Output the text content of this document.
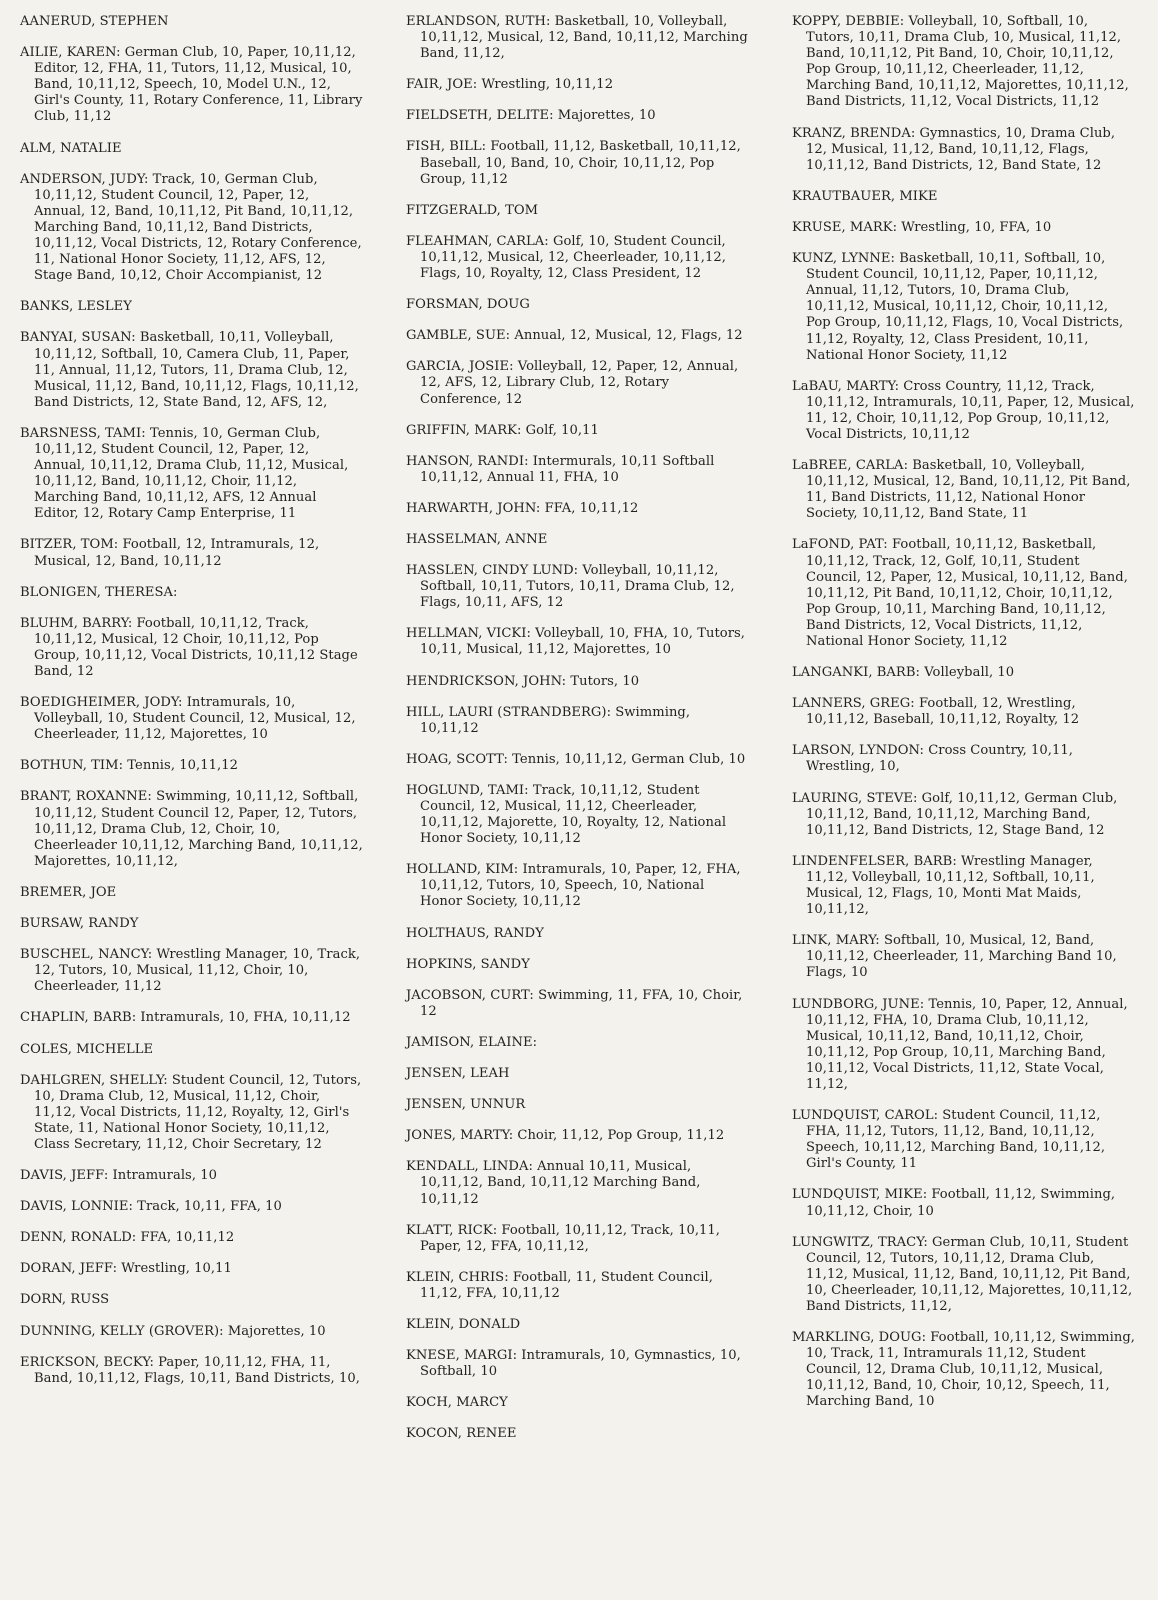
AANERUD, STEPHEN
AILIE, KAREN: German Club, 10, Paper, 10,11,12, Editor, 12, FHA, 11, Tutors, 11,12, Musical, 10, Band, 10,11,12, Speech, 10, Model U.N., 12, Girl's County, 11, Rotary Conference, 11, Library Club, 11,12
ALM, NATALIE
ANDERSON, JUDY: Track, 10, German Club, 10,11,12, Student Council, 12, Paper, 12, Annual, 12, Band, 10,11,12, Pit Band, 10,11,12, Marching Band, 10,11,12, Band Districts, 10,11,12, Vocal Districts, 12, Rotary Conference, 11, National Honor Society, 11,12, AFS, 12, Stage Band, 10,12, Choir Accompianist, 12
BANKS, LESLEY
BANYAI, SUSAN: Basketball, 10,11, Volleyball, 10,11,12, Softball, 10, Camera Club, 11, Paper, 11, Annual, 11,12, Tutors, 11, Drama Club, 12, Musical, 11,12, Band, 10,11,12, Flags, 10,11,12, Band Districts, 12, State Band, 12, AFS, 12,
BARSNESS, TAMI: Tennis, 10, German Club, 10,11,12, Student Council, 12, Paper, 12, Annual, 10,11,12, Drama Club, 11,12, Musical, 10,11,12, Band, 10,11,12, Choir, 11,12, Marching Band, 10,11,12, AFS, 12 Annual Editor, 12, Rotary Camp Enterprise, 11
BITZER, TOM: Football, 12, Intramurals, 12, Musical, 12, Band, 10,11,12
BLONIGEN, THERESA:
BLUHM, BARRY: Football, 10,11,12, Track, 10,11,12, Musical, 12 Choir, 10,11,12, Pop Group, 10,11,12, Vocal Districts, 10,11,12 Stage Band, 12
BOEDIGHEIMER, JODY: Intramurals, 10, Volleyball, 10, Student Council, 12, Musical, 12, Cheerleader, 11,12, Majorettes, 10
BOTHUN, TIM: Tennis, 10,11,12
BRANT, ROXANNE: Swimming, 10,11,12, Softball, 10,11,12, Student Council 12, Paper, 12, Tutors, 10,11,12, Drama Club, 12, Choir, 10, Cheerleader 10,11,12, Marching Band, 10,11,12, Majorettes, 10,11,12,
BREMER, JOE
BURSAW, RANDY
BUSCHEL, NANCY: Wrestling Manager, 10, Track, 12, Tutors, 10, Musical, 11,12, Choir, 10, Cheerleader, 11,12
CHAPLIN, BARB: Intramurals, 10, FHA, 10,11,12
COLES, MICHELLE
DAHLGREN, SHELLY: Student Council, 12, Tutors, 10, Drama Club, 12, Musical, 11,12, Choir, 11,12, Vocal Districts, 11,12, Royalty, 12, Girl's State, 11, National Honor Society, 10,11,12, Class Secretary, 11,12, Choir Secretary, 12
DAVIS, JEFF: Intramurals, 10
DAVIS, LONNIE: Track, 10,11, FFA, 10
DENN, RONALD: FFA, 10,11,12
DORAN, JEFF: Wrestling, 10,11
DORN, RUSS
DUNNING, KELLY (GROVER): Majorettes, 10
ERICKSON, BECKY: Paper, 10,11,12, FHA, 11, Band, 10,11,12, Flags, 10,11, Band Districts, 10,
ERLANDSON, RUTH: Basketball, 10, Volleyball, 10,11,12, Musical, 12, Band, 10,11,12, Marching Band, 11,12,
FAIR, JOE: Wrestling, 10,11,12
FIELDSETH, DELITE: Majorettes, 10
FISH, BILL: Football, 11,12, Basketball, 10,11,12, Baseball, 10, Band, 10, Choir, 10,11,12, Pop Group, 11,12
FITZGERALD, TOM
FLEAHMAN, CARLA: Golf, 10, Student Council, 10,11,12, Musical, 12, Cheerleader, 10,11,12, Flags, 10, Royalty, 12, Class President, 12
FORSMAN, DOUG
GAMBLE, SUE: Annual, 12, Musical, 12, Flags, 12
GARCIA, JOSIE: Volleyball, 12, Paper, 12, Annual, 12, AFS, 12, Library Club, 12, Rotary Conference, 12
GRIFFIN, MARK: Golf, 10,11
HANSON, RANDI: Intermurals, 10,11 Softball 10,11,12, Annual 11, FHA, 10
HARWARTH, JOHN: FFA, 10,11,12
HASSELMAN, ANNE
HASSLEN, CINDY LUND: Volleyball, 10,11,12, Softball, 10,11, Tutors, 10,11, Drama Club, 12, Flags, 10,11, AFS, 12
HELLMAN, VICKI: Volleyball, 10, FHA, 10, Tutors, 10,11, Musical, 11,12, Majorettes, 10
HENDRICKSON, JOHN: Tutors, 10
HILL, LAURI (STRANDBERG): Swimming, 10,11,12
HOAG, SCOTT: Tennis, 10,11,12, German Club, 10
HOGLUND, TAMI: Track, 10,11,12, Student Council, 12, Musical, 11,12, Cheerleader, 10,11,12, Majorette, 10, Royalty, 12, National Honor Society, 10,11,12
HOLLAND, KIM: Intramurals, 10, Paper, 12, FHA, 10,11,12, Tutors, 10, Speech, 10, National Honor Society, 10,11,12
HOLTHAUS, RANDY
HOPKINS, SANDY
JACOBSON, CURT: Swimming, 11, FFA, 10, Choir, 12
JAMISON, ELAINE:
JENSEN, LEAH
JENSEN, UNNUR
JONES, MARTY: Choir, 11,12, Pop Group, 11,12
KENDALL, LINDA: Annual 10,11, Musical, 10,11,12, Band, 10,11,12 Marching Band, 10,11,12
KLATT, RICK: Football, 10,11,12, Track, 10,11, Paper, 12, FFA, 10,11,12,
KLEIN, CHRIS: Football, 11, Student Council, 11,12, FFA, 10,11,12
KLEIN, DONALD
KNESE, MARGI: Intramurals, 10, Gymnastics, 10, Softball, 10
KOCH, MARCY
KOCON, RENEE
KOPPY, DEBBIE: Volleyball, 10, Softball, 10, Tutors, 10,11, Drama Club, 10, Musical, 11,12, Band, 10,11,12, Pit Band, 10, Choir, 10,11,12, Pop Group, 10,11,12, Cheerleader, 11,12, Marching Band, 10,11,12, Majorettes, 10,11,12, Band Districts, 11,12, Vocal Districts, 11,12
KRANZ, BRENDA: Gymnastics, 10, Drama Club, 12, Musical, 11,12, Band, 10,11,12, Flags, 10,11,12, Band Districts, 12, Band State, 12
KRAUTBAUER, MIKE
KRUSE, MARK: Wrestling, 10, FFA, 10
KUNZ, LYNNE: Basketball, 10,11, Softball, 10, Student Council, 10,11,12, Paper, 10,11,12, Annual, 11,12, Tutors, 10, Drama Club, 10,11,12, Musical, 10,11,12, Choir, 10,11,12, Pop Group, 10,11,12, Flags, 10, Vocal Districts, 11,12, Royalty, 12, Class President, 10,11, National Honor Society, 11,12
LaBAU, MARTY: Cross Country, 11,12, Track, 10,11,12, Intramurals, 10,11, Paper, 12, Musical, 11, 12, Choir, 10,11,12, Pop Group, 10,11,12, Vocal Districts, 10,11,12
LaBREE, CARLA: Basketball, 10, Volleyball, 10,11,12, Musical, 12, Band, 10,11,12, Pit Band, 11, Band Districts, 11,12, National Honor Society, 10,11,12, Band State, 11
LaFOND, PAT: Football, 10,11,12, Basketball, 10,11,12, Track, 12, Golf, 10,11, Student Council, 12, Paper, 12, Musical, 10,11,12, Band, 10,11,12, Pit Band, 10,11,12, Choir, 10,11,12, Pop Group, 10,11, Marching Band, 10,11,12, Band Districts, 12, Vocal Districts, 11,12, National Honor Society, 11,12
LANGANKI, BARB: Volleyball, 10
LANNERS, GREG: Football, 12, Wrestling, 10,11,12, Baseball, 10,11,12, Royalty, 12
LARSON, LYNDON: Cross Country, 10,11, Wrestling, 10,
LAURING, STEVE: Golf, 10,11,12, German Club, 10,11,12, Band, 10,11,12, Marching Band, 10,11,12, Band Districts, 12, Stage Band, 12
LINDENFELSER, BARB: Wrestling Manager, 11,12, Volleyball, 10,11,12, Softball, 10,11, Musical, 12, Flags, 10, Monti Mat Maids, 10,11,12,
LINK, MARY: Softball, 10, Musical, 12, Band, 10,11,12, Cheerleader, 11, Marching Band 10, Flags, 10
LUNDBORG, JUNE: Tennis, 10, Paper, 12, Annual, 10,11,12, FHA, 10, Drama Club, 10,11,12, Musical, 10,11,12, Band, 10,11,12, Choir, 10,11,12, Pop Group, 10,11, Marching Band, 10,11,12, Vocal Districts, 11,12, State Vocal, 11,12,
LUNDQUIST, CAROL: Student Council, 11,12, FHA, 11,12, Tutors, 11,12, Band, 10,11,12, Speech, 10,11,12, Marching Band, 10,11,12, Girl's County, 11
LUNDQUIST, MIKE: Football, 11,12, Swimming, 10,11,12, Choir, 10
LUNGWITZ, TRACY: German Club, 10,11, Student Council, 12, Tutors, 10,11,12, Drama Club, 11,12, Musical, 11,12, Band, 10,11,12, Pit Band, 10, Cheerleader, 10,11,12, Majorettes, 10,11,12, Band Districts, 11,12,
MARKLING, DOUG: Football, 10,11,12, Swimming, 10, Track, 11, Intramurals 11,12, Student Council, 12, Drama Club, 10,11,12, Musical, 10,11,12, Band, 10, Choir, 10,12, Speech, 11, Marching Band, 10
